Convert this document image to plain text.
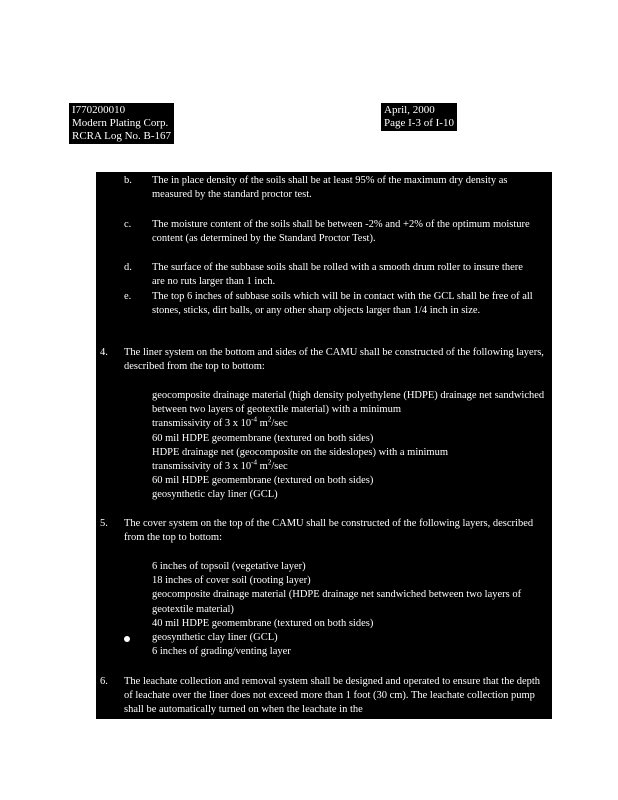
I770200010
Modern Plating Corp.
RCRA Log No. B-167
April, 2000
Page I-3 of I-10
b. The in place density of the soils shall be at least 95% of the maximum dry density as measured by the standard proctor test.
c. The moisture content of the soils shall be between -2% and +2% of the optimum moisture content (as determined by the Standard Proctor Test).
d. The surface of the subbase soils shall be rolled with a smooth drum roller to insure there are no ruts larger than 1 inch.
e. The top 6 inches of subbase soils which will be in contact with the GCL shall be free of all stones, sticks, dirt balls, or any other sharp objects larger than 1/4 inch in size.
4. The liner system on the bottom and sides of the CAMU shall be constructed of the following layers, described from the top to bottom:
geocomposite drainage material (high density polyethylene (HDPE) drainage net sandwiched between two layers of geotextile material) with a minimum
transmissivity of 3 x $10^{-4}$ $m^2/\sec$
60 mil HDPE geomembrane (textured on both sides)
HDPE drainage net (geocomposite on the sideslopes) with a minimum
transmissivity of 3 x $10^{-4}$ $m^2/\sec$
60 mil HDPE geomembrane (textured on both sides)
geosynthetic clay liner (GCL)
5. The cover system on the top of the CAMU shall be constructed of the following layers, described from the top to bottom:
6 inches of topsoil (vegetative layer)
18 inches of cover soil (rooting layer)
geocomposite drainage material (HDPE drainage net sandwiched between two layers of geotextile material)
40 mil HDPE geomembrane (textured on both sides)
geosynthetic clay liner (GCL)
6 inches of grading/venting layer
6. The leachate collection and removal system shall be designed and operated to ensure that the depth of leachate over the liner does not exceed more than 1 foot (30 cm). The leachate collection pump shall be automatically turned on when the leachate in the
